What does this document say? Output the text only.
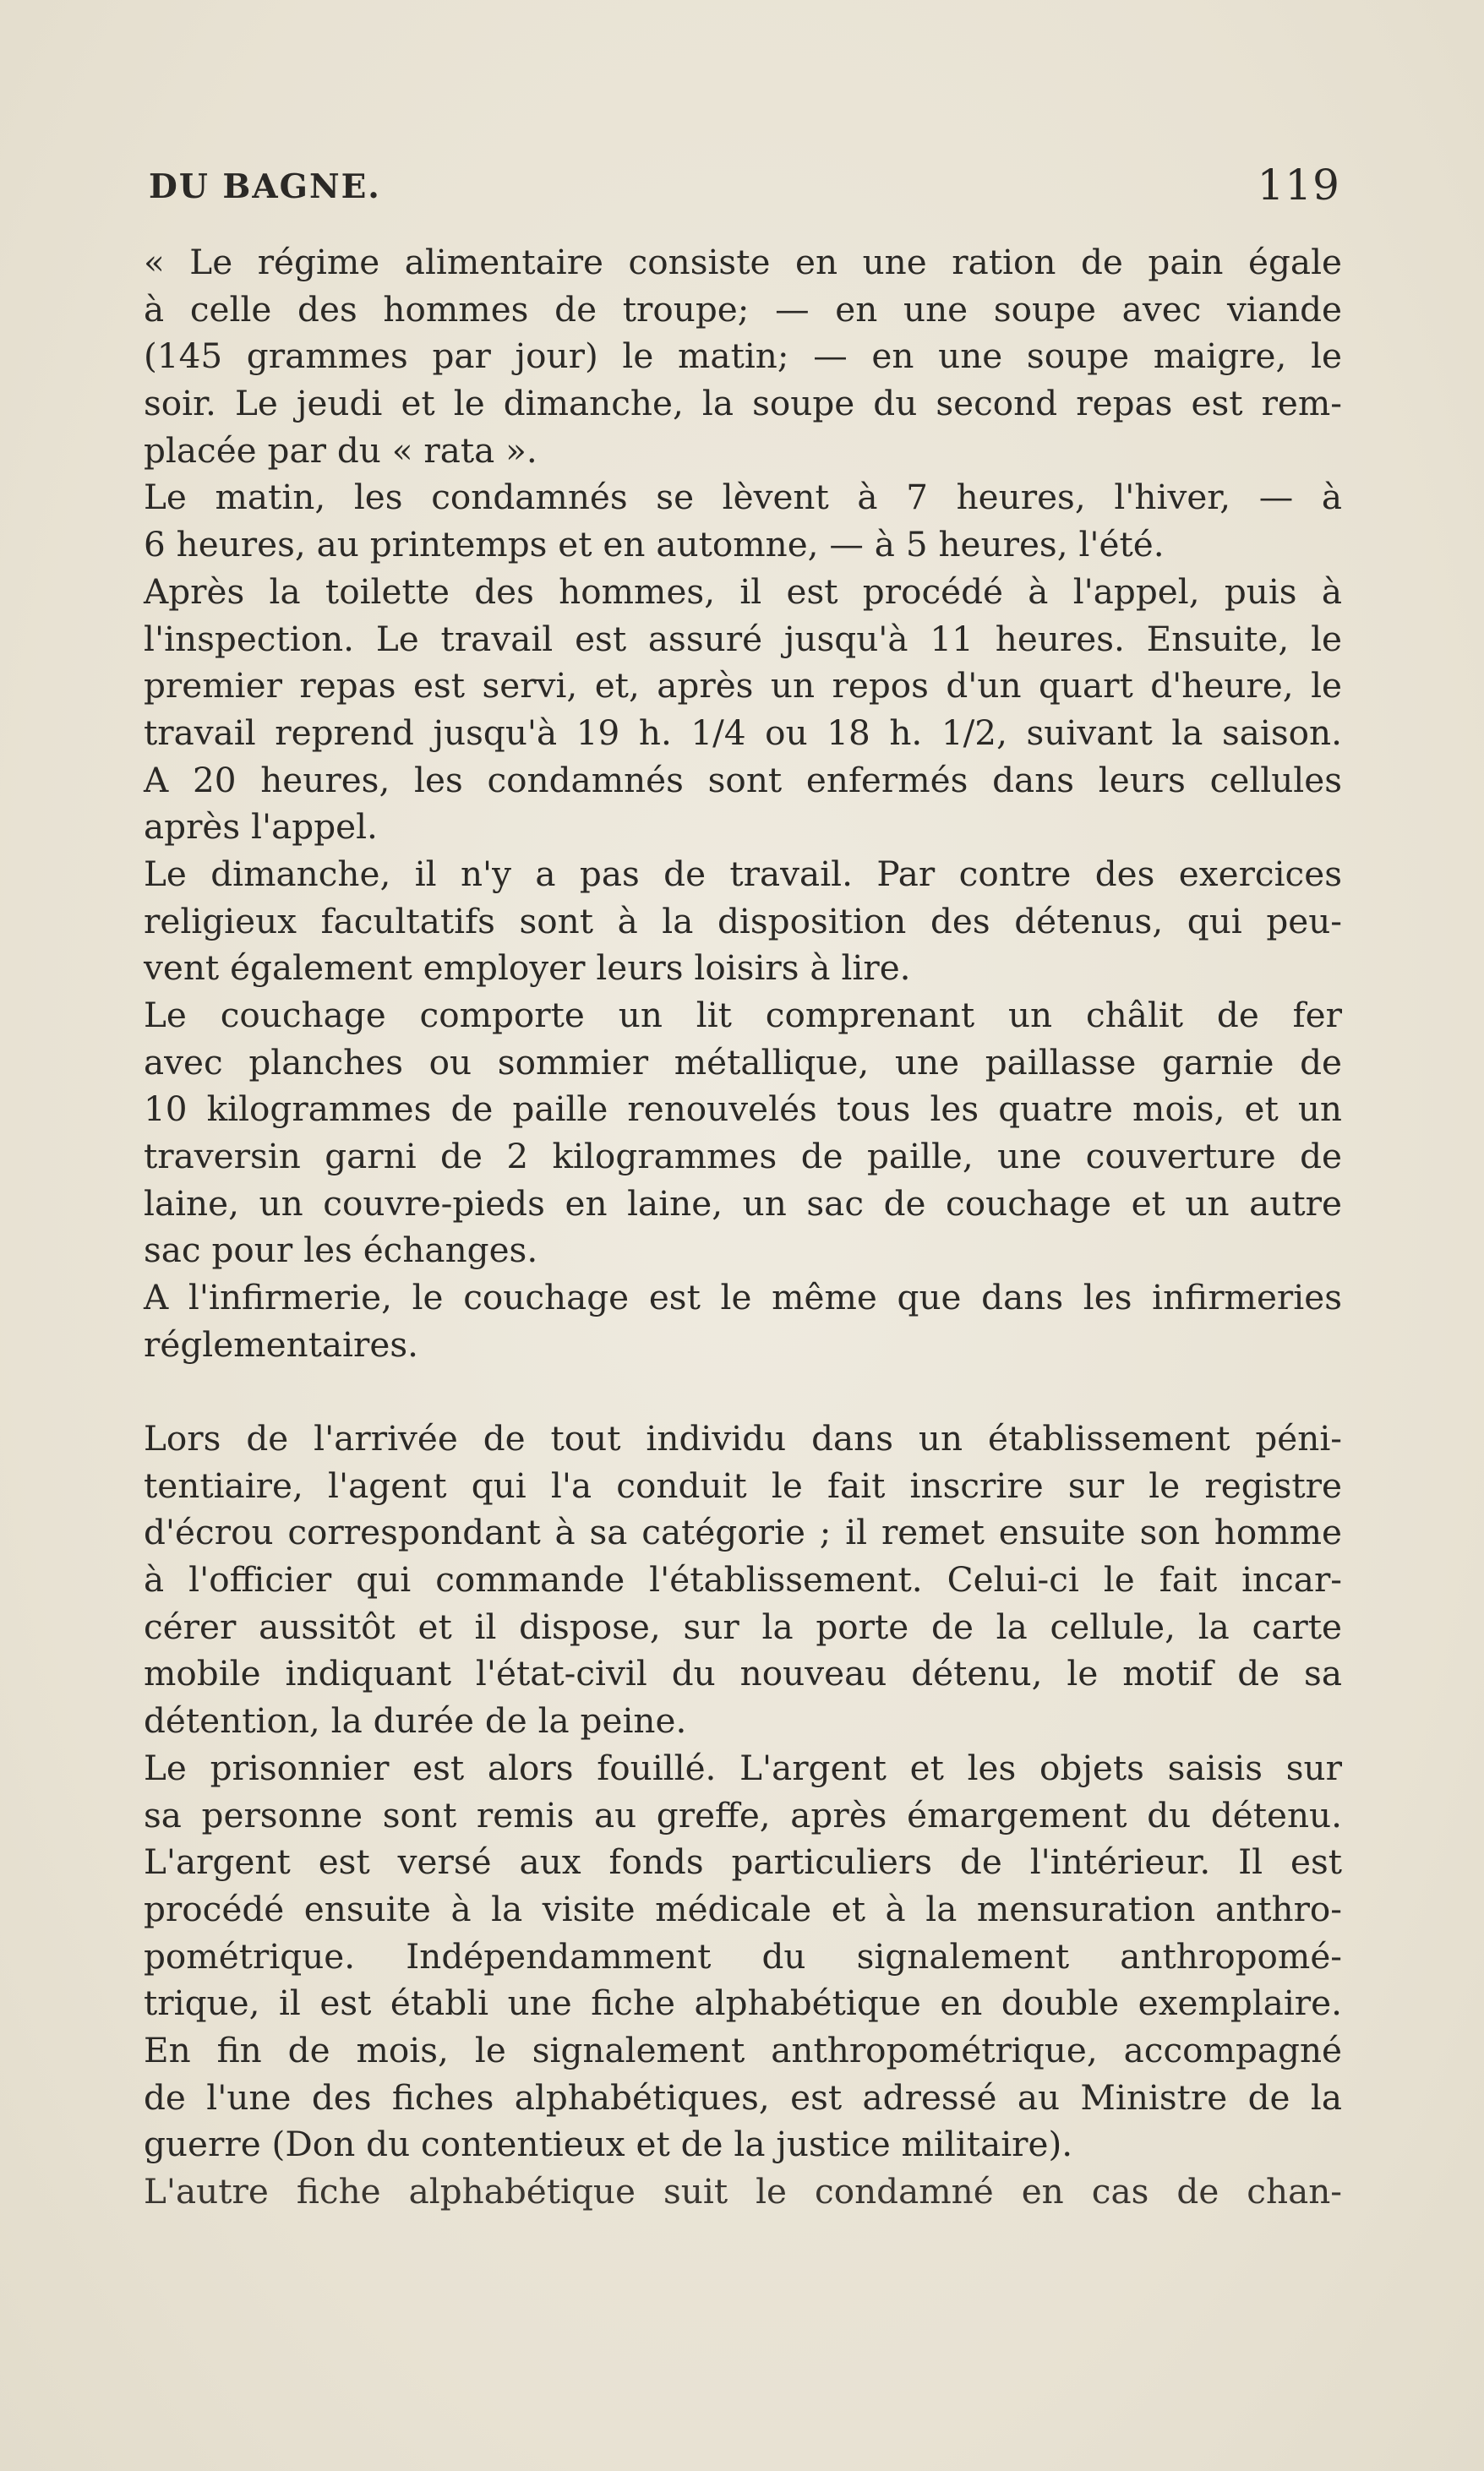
DU BAGNE.	119
« Le régime alimentaire consiste en une ration de pain égale
à celle des hommes de troupe; — en une soupe avec viande
(145 grammes par jour) le matin; — en une soupe maigre, le
soir. Le jeudi et le dimanche, la soupe du second repas est rem-
placée par du « rata ».
Le matin, les condamnés se lèvent à 7 heures, l'hiver, — à
6 heures, au printemps et en automne, — à 5 heures, l'été.
Après la toilette des hommes, il est procédé à l'appel, puis à
l'inspection. Le travail est assuré jusqu'à 11 heures. Ensuite, le
premier repas est servi, et, après un repos d'un quart d'heure, le
travail reprend jusqu'à 19 h. 1/4 ou 18 h. 1/2, suivant la saison.
A 20 heures, les condamnés sont enfermés dans leurs cellules
après l'appel.
Le dimanche, il n'y a pas de travail. Par contre des exercices
religieux facultatifs sont à la disposition des détenus, qui peu-
vent également employer leurs loisirs à lire.
Le couchage comporte un lit comprenant un châlit de fer
avec planches ou sommier métallique, une paillasse garnie de
10 kilogrammes de paille renouvelés tous les quatre mois, et un
traversin garni de 2 kilogrammes de paille, une couverture de
laine, un couvre-pieds en laine, un sac de couchage et un autre
sac pour les échanges.
A l'infirmerie, le couchage est le même que dans les infirmeries
réglementaires.
Lors de l'arrivée de tout individu dans un établissement péni-
tentiaire, l'agent qui l'a conduit le fait inscrire sur le registre
d'écrou correspondant à sa catégorie ; il remet ensuite son homme
à l'officier qui commande l'établissement. Celui-ci le fait incar-
cérer aussitôt et il dispose, sur la porte de la cellule, la carte
mobile indiquant l'état-civil du nouveau détenu, le motif de sa
détention, la durée de la peine.
Le prisonnier est alors fouillé. L'argent et les objets saisis sur
sa personne sont remis au greffe, après émargement du détenu.
L'argent est versé aux fonds particuliers de l'intérieur. Il est
procédé ensuite à la visite médicale et à la mensuration anthro-
pométrique. Indépendamment du signalement anthropomé-
trique, il est établi une fiche alphabétique en double exemplaire.
En fin de mois, le signalement anthropométrique, accompagné
de l'une des fiches alphabétiques, est adressé au Ministre de la
guerre (Don du contentieux et de la justice militaire).
L'autre fiche alphabétique suit le condamné en cas de chan-
